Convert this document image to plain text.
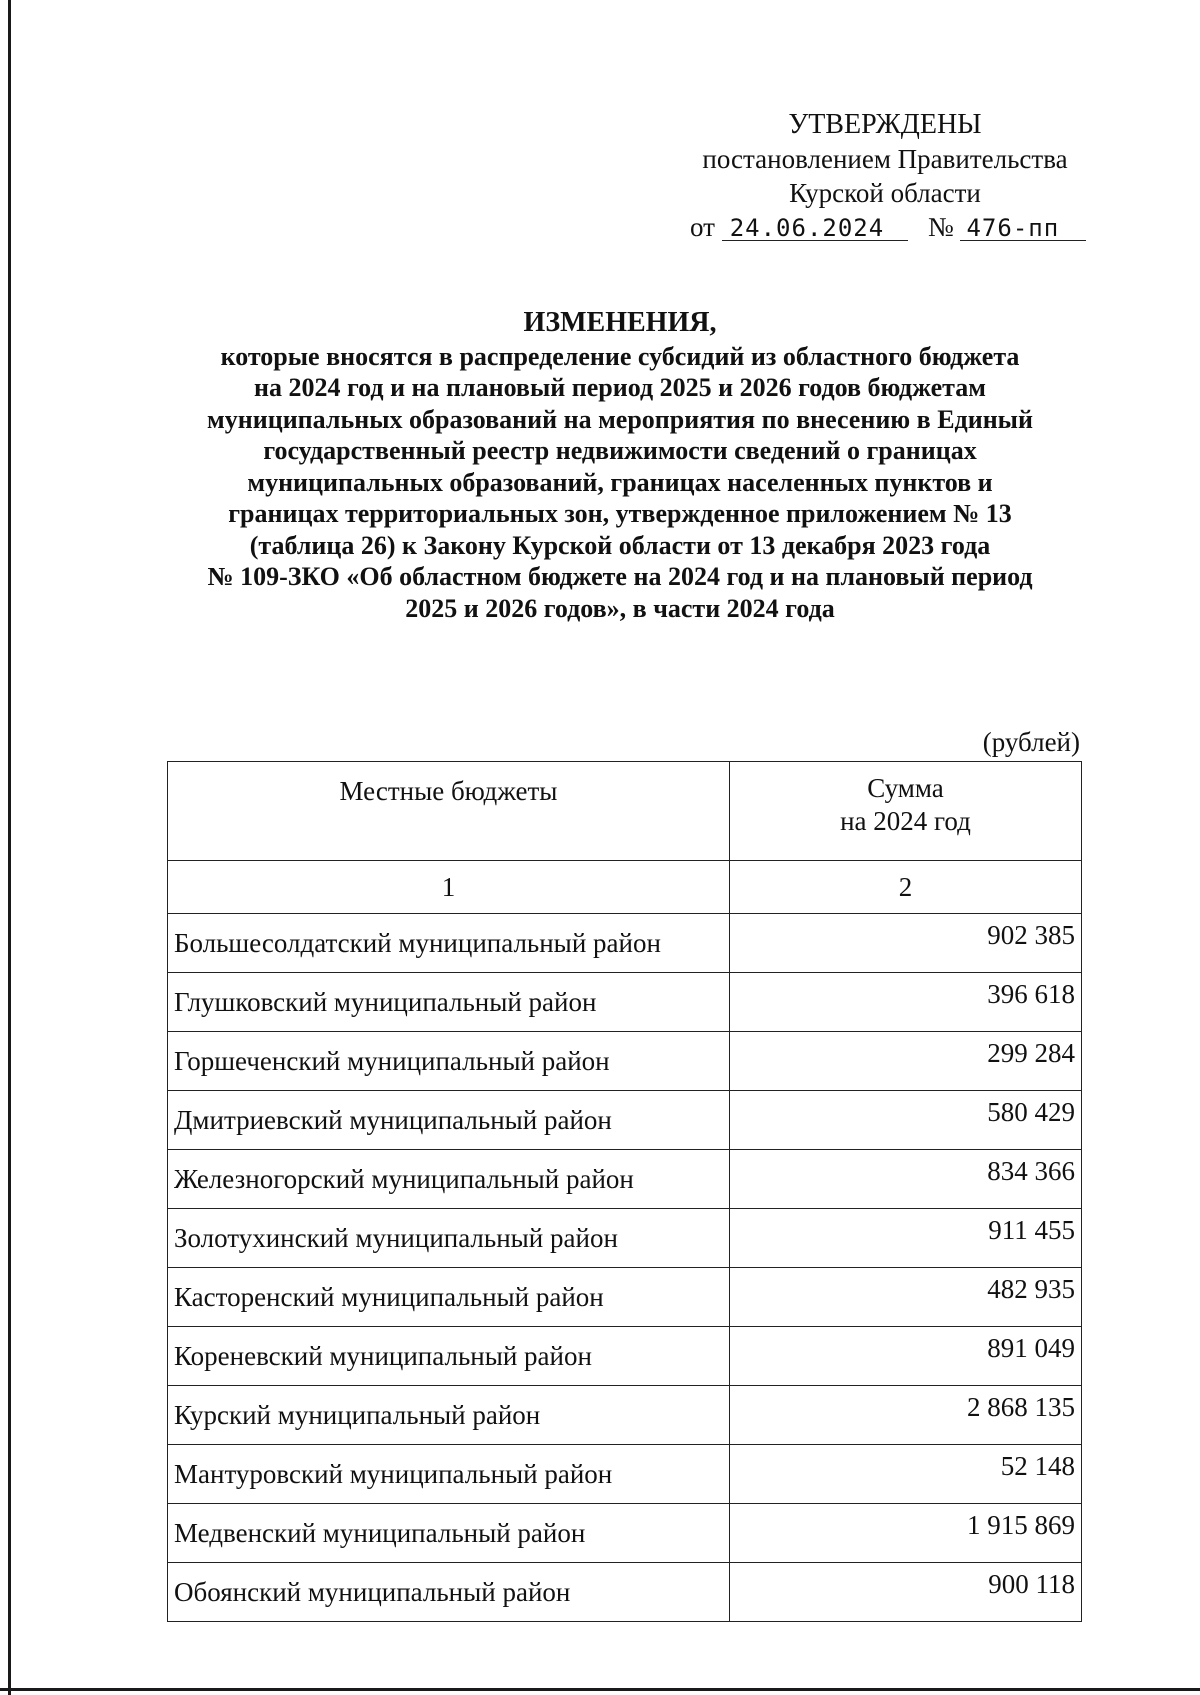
УТВЕРЖДЕНЫ
постановлением Правительства
Курской области
от 24.06.2024 № 476-пп
ИЗМЕНЕНИЯ,
которые вносятся в распределение субсидий из областного бюджета
на 2024 год и на плановый период 2025 и 2026 годов бюджетам
муниципальных образований на мероприятия по внесению в Единый
государственный реестр недвижимости сведений о границах
муниципальных образований, границах населенных пунктов и
границах территориальных зон, утвержденное приложением № 13
(таблица 26) к Закону Курской области от 13 декабря 2023 года
№ 109-ЗКО «Об областном бюджете на 2024 год и на плановый период
2025 и 2026 годов», в части 2024 года
(рублей)
Местные бюджеты	Сумма
на 2024 год
1	2
Большесолдатский муниципальный район	902 385
Глушковский муниципальный район	396 618
Горшеченский муниципальный район	299 284
Дмитриевский муниципальный район	580 429
Железногорский муниципальный район	834 366
Золотухинский муниципальный район	911 455
Касторенский муниципальный район	482 935
Кореневский муниципальный район	891 049
Курский муниципальный район	2 868 135
Мантуровский муниципальный район	52 148
Медвенский муниципальный район	1 915 869
Обоянский муниципальный район	900 118
